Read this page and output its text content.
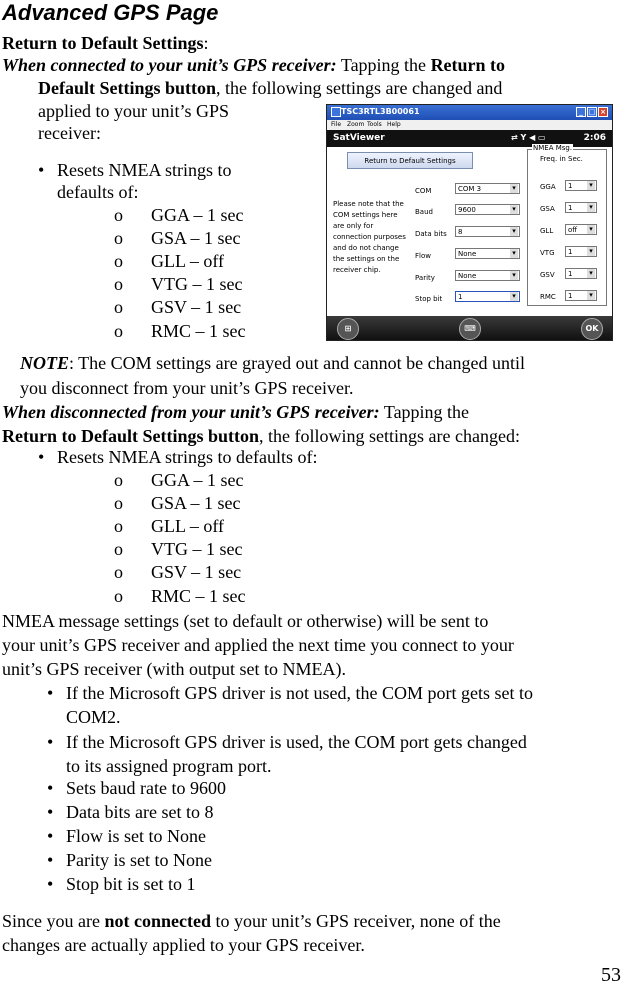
Advanced GPS Page
Return to Default Settings:
When connected to your unit’s GPS receiver: Tapping the Return to
Default Settings button, the following settings are changed and
applied to your unit’s GPS
receiver:
• Resets NMEA strings to
defaults of:
o GGA – 1 sec
o GSA – 1 sec
o GLL – off
o VTG – 1 sec
o GSV – 1 sec
o RMC – 1 sec
TSC3RTL3B00061	_ □ ×
File Zoom Tools Help
SatViewer	⇄ Y ◀ ▭	2:06
Return to Default Settings
Please note that the COM settings here are only for connection purposes and do not change the settings on the receiver chip.
COM	COM 3 ▾
Baud	9600 ▾
Data bits	8 ▾
Flow	None ▾
Parity	None ▾
Stop bit	1 ▾
NMEA Msg.
Freq. in Sec.
GGA	1 ▾
GSA	1 ▾
GLL	off ▾
VTG	1 ▾
GSV	1 ▾
RMC	1 ▾
⊞	⌨	OK
NOTE: The COM settings are grayed out and cannot be changed until
you disconnect from your unit’s GPS receiver.
When disconnected from your unit’s GPS receiver: Tapping the
Return to Default Settings button, the following settings are changed:
• Resets NMEA strings to defaults of:
o GGA – 1 sec
o GSA – 1 sec
o GLL – off
o VTG – 1 sec
o GSV – 1 sec
o RMC – 1 sec
NMEA message settings (set to default or otherwise) will be sent to
your unit’s GPS receiver and applied the next time you connect to your
unit’s GPS receiver (with output set to NMEA).
• If the Microsoft GPS driver is not used, the COM port gets set to
COM2.
• If the Microsoft GPS driver is used, the COM port gets changed
to its assigned program port.
• Sets baud rate to 9600
• Data bits are set to 8
• Flow is set to None
• Parity is set to None
• Stop bit is set to 1
Since you are not connected to your unit’s GPS receiver, none of the
changes are actually applied to your GPS receiver.
53
